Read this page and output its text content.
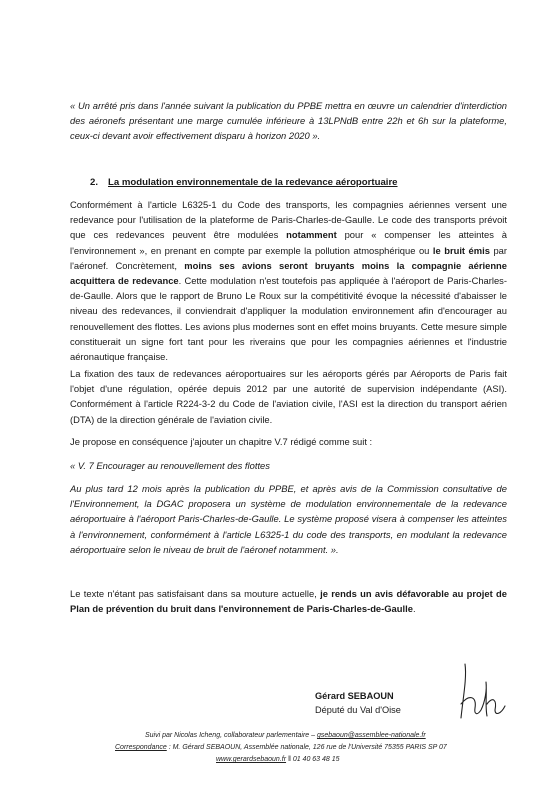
« Un arrêté pris dans l'année suivant la publication du PPBE mettra en œuvre un calendrier d'interdiction des aéronefs présentant une marge cumulée inférieure à 13LPNdB entre 22h et 6h sur la plateforme, ceux-ci devant avoir effectivement disparu à horizon 2020 ».
2. La modulation environnementale de la redevance aéroportuaire
Conformément à l'article L6325-1 du Code des transports, les compagnies aériennes versent une redevance pour l'utilisation de la plateforme de Paris-Charles-de-Gaulle. Le code des transports prévoit que ces redevances peuvent être modulées notamment pour « compenser les atteintes à l'environnement », en prenant en compte par exemple la pollution atmosphérique ou le bruit émis par l'aéronef. Concrètement, moins ses avions seront bruyants moins la compagnie aérienne acquittera de redevance. Cette modulation n'est toutefois pas appliquée à l'aéroport de Paris-Charles-de-Gaulle. Alors que le rapport de Bruno Le Roux sur la compétitivité évoque la nécessité d'abaisser le niveau des redevances, il conviendrait d'appliquer la modulation environnement afin d'encourager au renouvellement des flottes. Les avions plus modernes sont en effet moins bruyants. Cette mesure simple constituerait un signe fort tant pour les riverains que pour les compagnies aériennes et l'industrie aéronautique française.
La fixation des taux de redevances aéroportuaires sur les aéroports gérés par Aéroports de Paris fait l'objet d'une régulation, opérée depuis 2012 par une autorité de supervision indépendante (ASI). Conformément à l'article R224-3-2 du Code de l'aviation civile, l'ASI est la direction du transport aérien (DTA) de la direction générale de l'aviation civile.
Je propose en conséquence j'ajouter un chapitre V.7 rédigé comme suit :
« V. 7 Encourager au renouvellement des flottes
Au plus tard 12 mois après la publication du PPBE, et après avis de la Commission consultative de l'Environnement, la DGAC proposera un système de modulation environnementale de la redevance aéroportuaire à l'aéroport Paris-Charles-de-Gaulle. Le système proposé visera à compenser les atteintes à l'environnement, conformément à l'article L6325-1 du code des transports, en modulant la redevance aéroportuaire selon le niveau de bruit de l'aéronef notamment. ».
Le texte n'étant pas satisfaisant dans sa mouture actuelle, je rends un avis défavorable au projet de Plan de prévention du bruit dans l'environnement de Paris-Charles-de-Gaulle.
Gérard SEBAOUN
Député du Val d'Oise
Suivi par Nicolas Icheng, collaborateur parlementaire – gsebaoun@assemblee-nationale.fr
Correspondance : M. Gérard SEBAOUN, Assemblée nationale, 126 rue de l'Université 75355 PARIS SP 07
www.gerardsebaoun.fr ‖ 01 40 63 48 15
